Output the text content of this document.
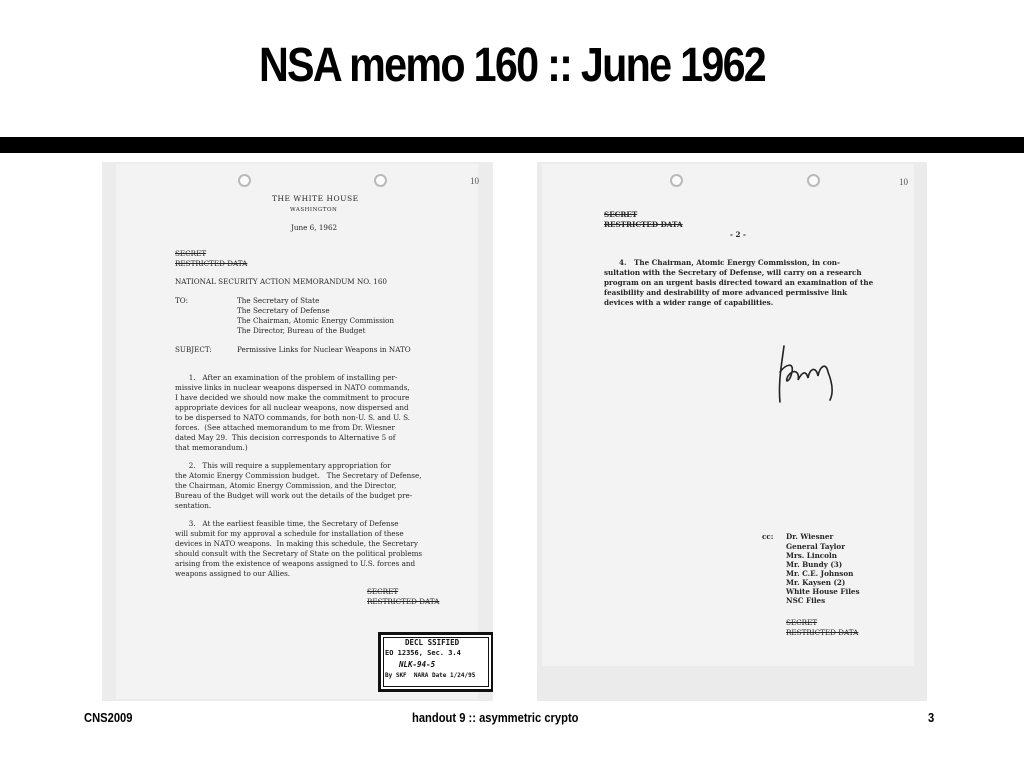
NSA memo 160 :: June 1962
10
THE WHITE HOUSE
WASHINGTON
June 6, 1962
SECRET
RESTRICTED DATA
NATIONAL SECURITY ACTION MEMORANDUM NO. 160
TO:	The Secretary of State
The Secretary of Defense
The Chairman, Atomic Energy Commission
The Director, Bureau of the Budget
SUBJECT:	Permissive Links for Nuclear Weapons in NATO
1.   After an examination of the problem of installing per-
missive links in nuclear weapons dispersed in NATO commands,
I have decided we should now make the commitment to procure
appropriate devices for all nuclear weapons, now dispersed and
to be dispersed to NATO commands, for both non-U. S. and U. S.
forces.  (See attached memorandum to me from Dr. Wiesner
dated May 29.  This decision corresponds to Alternative 5 of
that memorandum.)
2.   This will require a supplementary appropriation for
the Atomic Energy Commission budget.   The Secretary of Defense,
the Chairman, Atomic Energy Commission, and the Director,
Bureau of the Budget will work out the details of the budget pre-
sentation.
3.   At the earliest feasible time, the Secretary of Defense
will submit for my approval a schedule for installation of these
devices in NATO weapons.  In making this schedule, the Secretary
should consult with the Secretary of State on the political problems
arising from the existence of weapons assigned to U.S. forces and
weapons assigned to our Allies.
SECRET
RESTRICTED DATA
DECL SSIFIED
EO 12356, Sec. 3.4
NLK-94-5
By SKF  NARA Date 1/24/95
10
SECRET
RESTRICTED DATA
- 2 -
4.   The Chairman, Atomic Energy Commission, in con-
sultation with the Secretary of Defense, will carry on a research
program on an urgent basis directed toward an examination of the
feasibility and desirability of more advanced permissive link
devices with a wider range of capabilities.
cc: Dr. Wiesner
General Taylor
Mrs. Lincoln
Mr. Bundy (3)
Mr. C.E. Johnson
Mr. Kaysen (2)
White House Files
NSC Files
SECRET
RESTRICTED DATA
CNS2009	handout 9 :: asymmetric crypto	3
